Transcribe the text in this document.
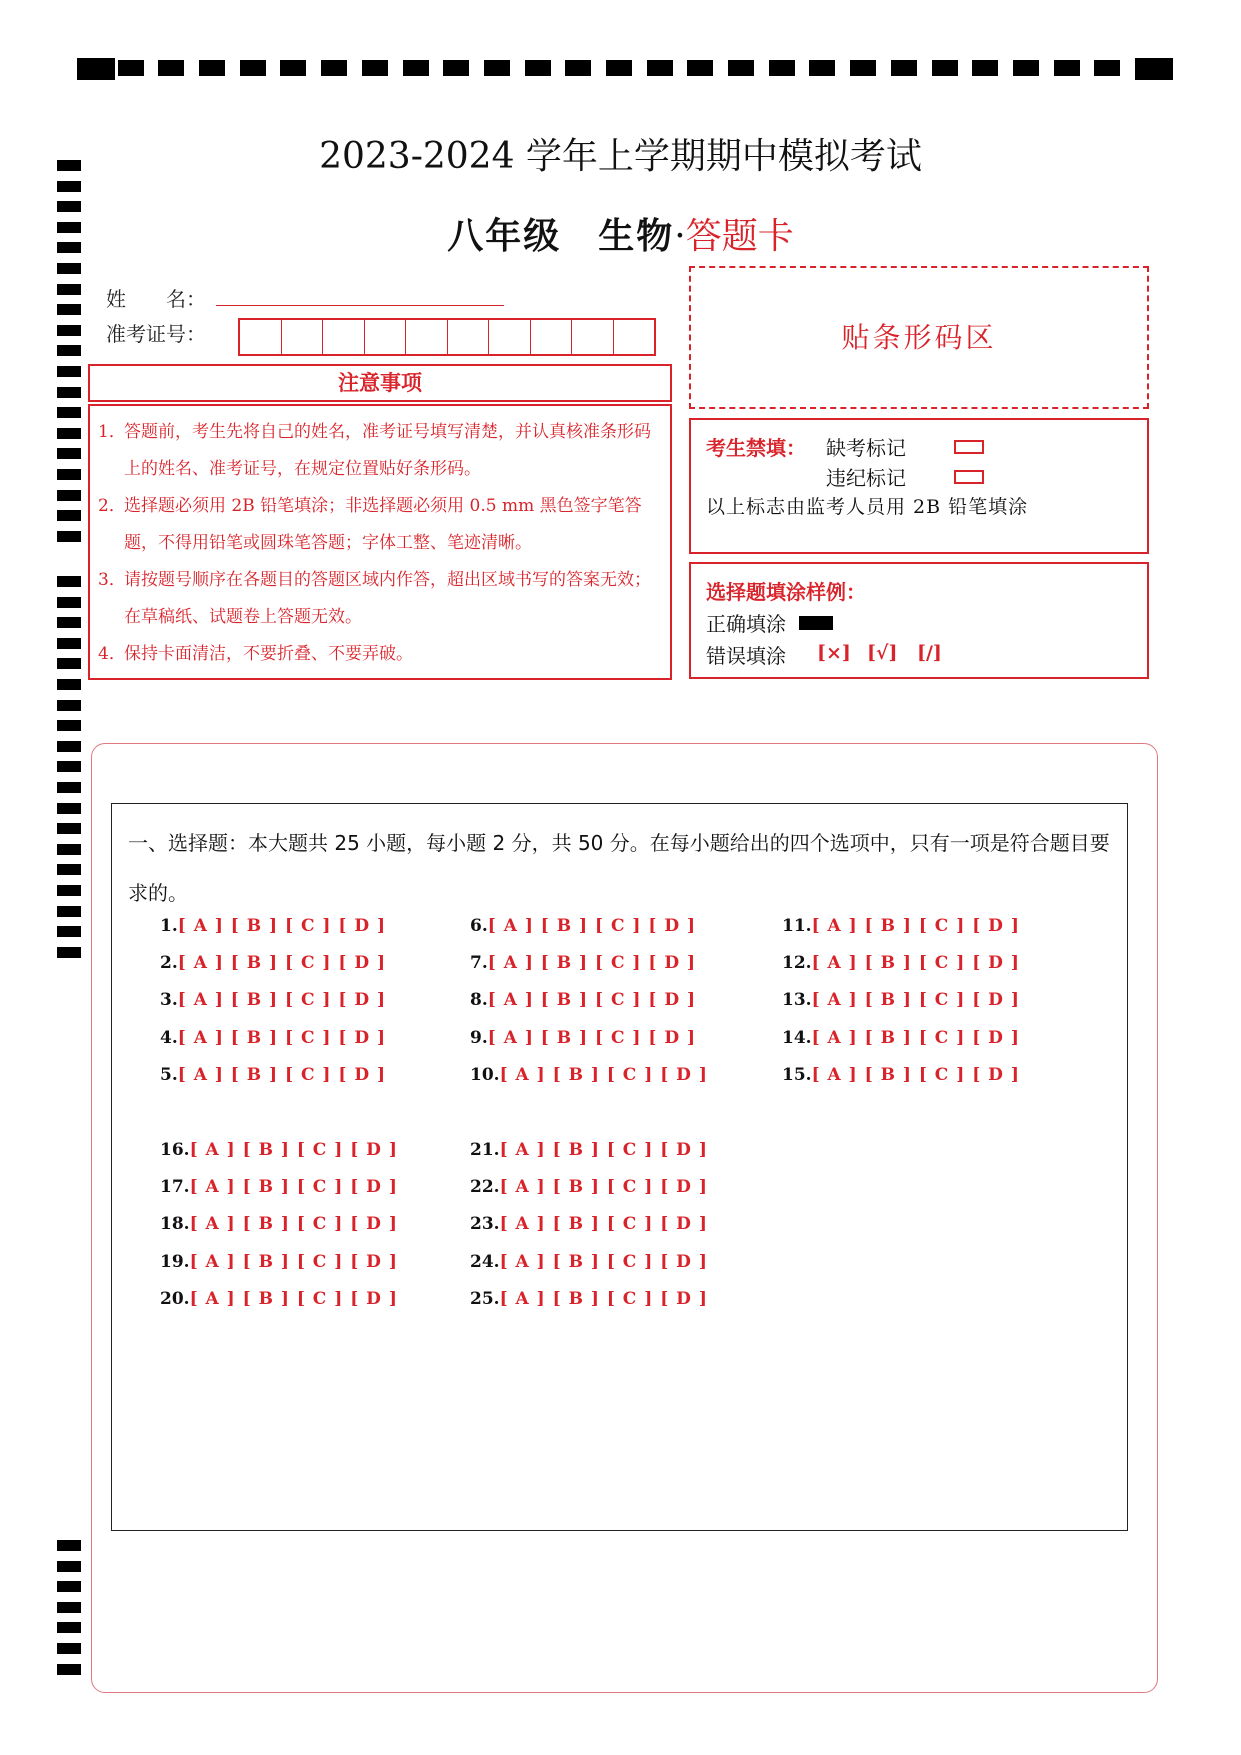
2023-2024 学年上学期期中模拟考试
八年级 生物·答题卡
姓　　名：
准考证号：
注意事项
1．
答题前，考生先将自己的姓名，准考证号填写清楚，并认真核准条形码上的姓名、准考证号，在规定位置贴好条形码。
2．
选择题必须用 2B 铅笔填涂；非选择题必须用 0.5 mm 黑色签字笔答题，不得用铅笔或圆珠笔答题；字体工整、笔迹清晰。
3．
请按题号顺序在各题目的答题区域内作答，超出区域书写的答案无效；在草稿纸、试题卷上答题无效。
4．
保持卡面清洁，不要折叠、不要弄破。
贴条形码区
考生禁填： 缺考标记
违纪标记
以上标志由监考人员用 2B 铅笔填涂
选择题填涂样例：
正确填涂
错误填涂 [×] [√] [/]
一、选择题：本大题共 25 小题，每小题 2 分，共 50 分。在每小题给出的四个选项中，只有一项是符合题目要求的。
1.[ A ] [ B ] [ C ] [ D ]
2.[ A ] [ B ] [ C ] [ D ]
3.[ A ] [ B ] [ C ] [ D ]
4.[ A ] [ B ] [ C ] [ D ]
5.[ A ] [ B ] [ C ] [ D ]
6.[ A ] [ B ] [ C ] [ D ]
7.[ A ] [ B ] [ C ] [ D ]
8.[ A ] [ B ] [ C ] [ D ]
9.[ A ] [ B ] [ C ] [ D ]
10.[ A ] [ B ] [ C ] [ D ]
11.[ A ] [ B ] [ C ] [ D ]
12.[ A ] [ B ] [ C ] [ D ]
13.[ A ] [ B ] [ C ] [ D ]
14.[ A ] [ B ] [ C ] [ D ]
15.[ A ] [ B ] [ C ] [ D ]
16.[ A ] [ B ] [ C ] [ D ]
17.[ A ] [ B ] [ C ] [ D ]
18.[ A ] [ B ] [ C ] [ D ]
19.[ A ] [ B ] [ C ] [ D ]
20.[ A ] [ B ] [ C ] [ D ]
21.[ A ] [ B ] [ C ] [ D ]
22.[ A ] [ B ] [ C ] [ D ]
23.[ A ] [ B ] [ C ] [ D ]
24.[ A ] [ B ] [ C ] [ D ]
25.[ A ] [ B ] [ C ] [ D ]
